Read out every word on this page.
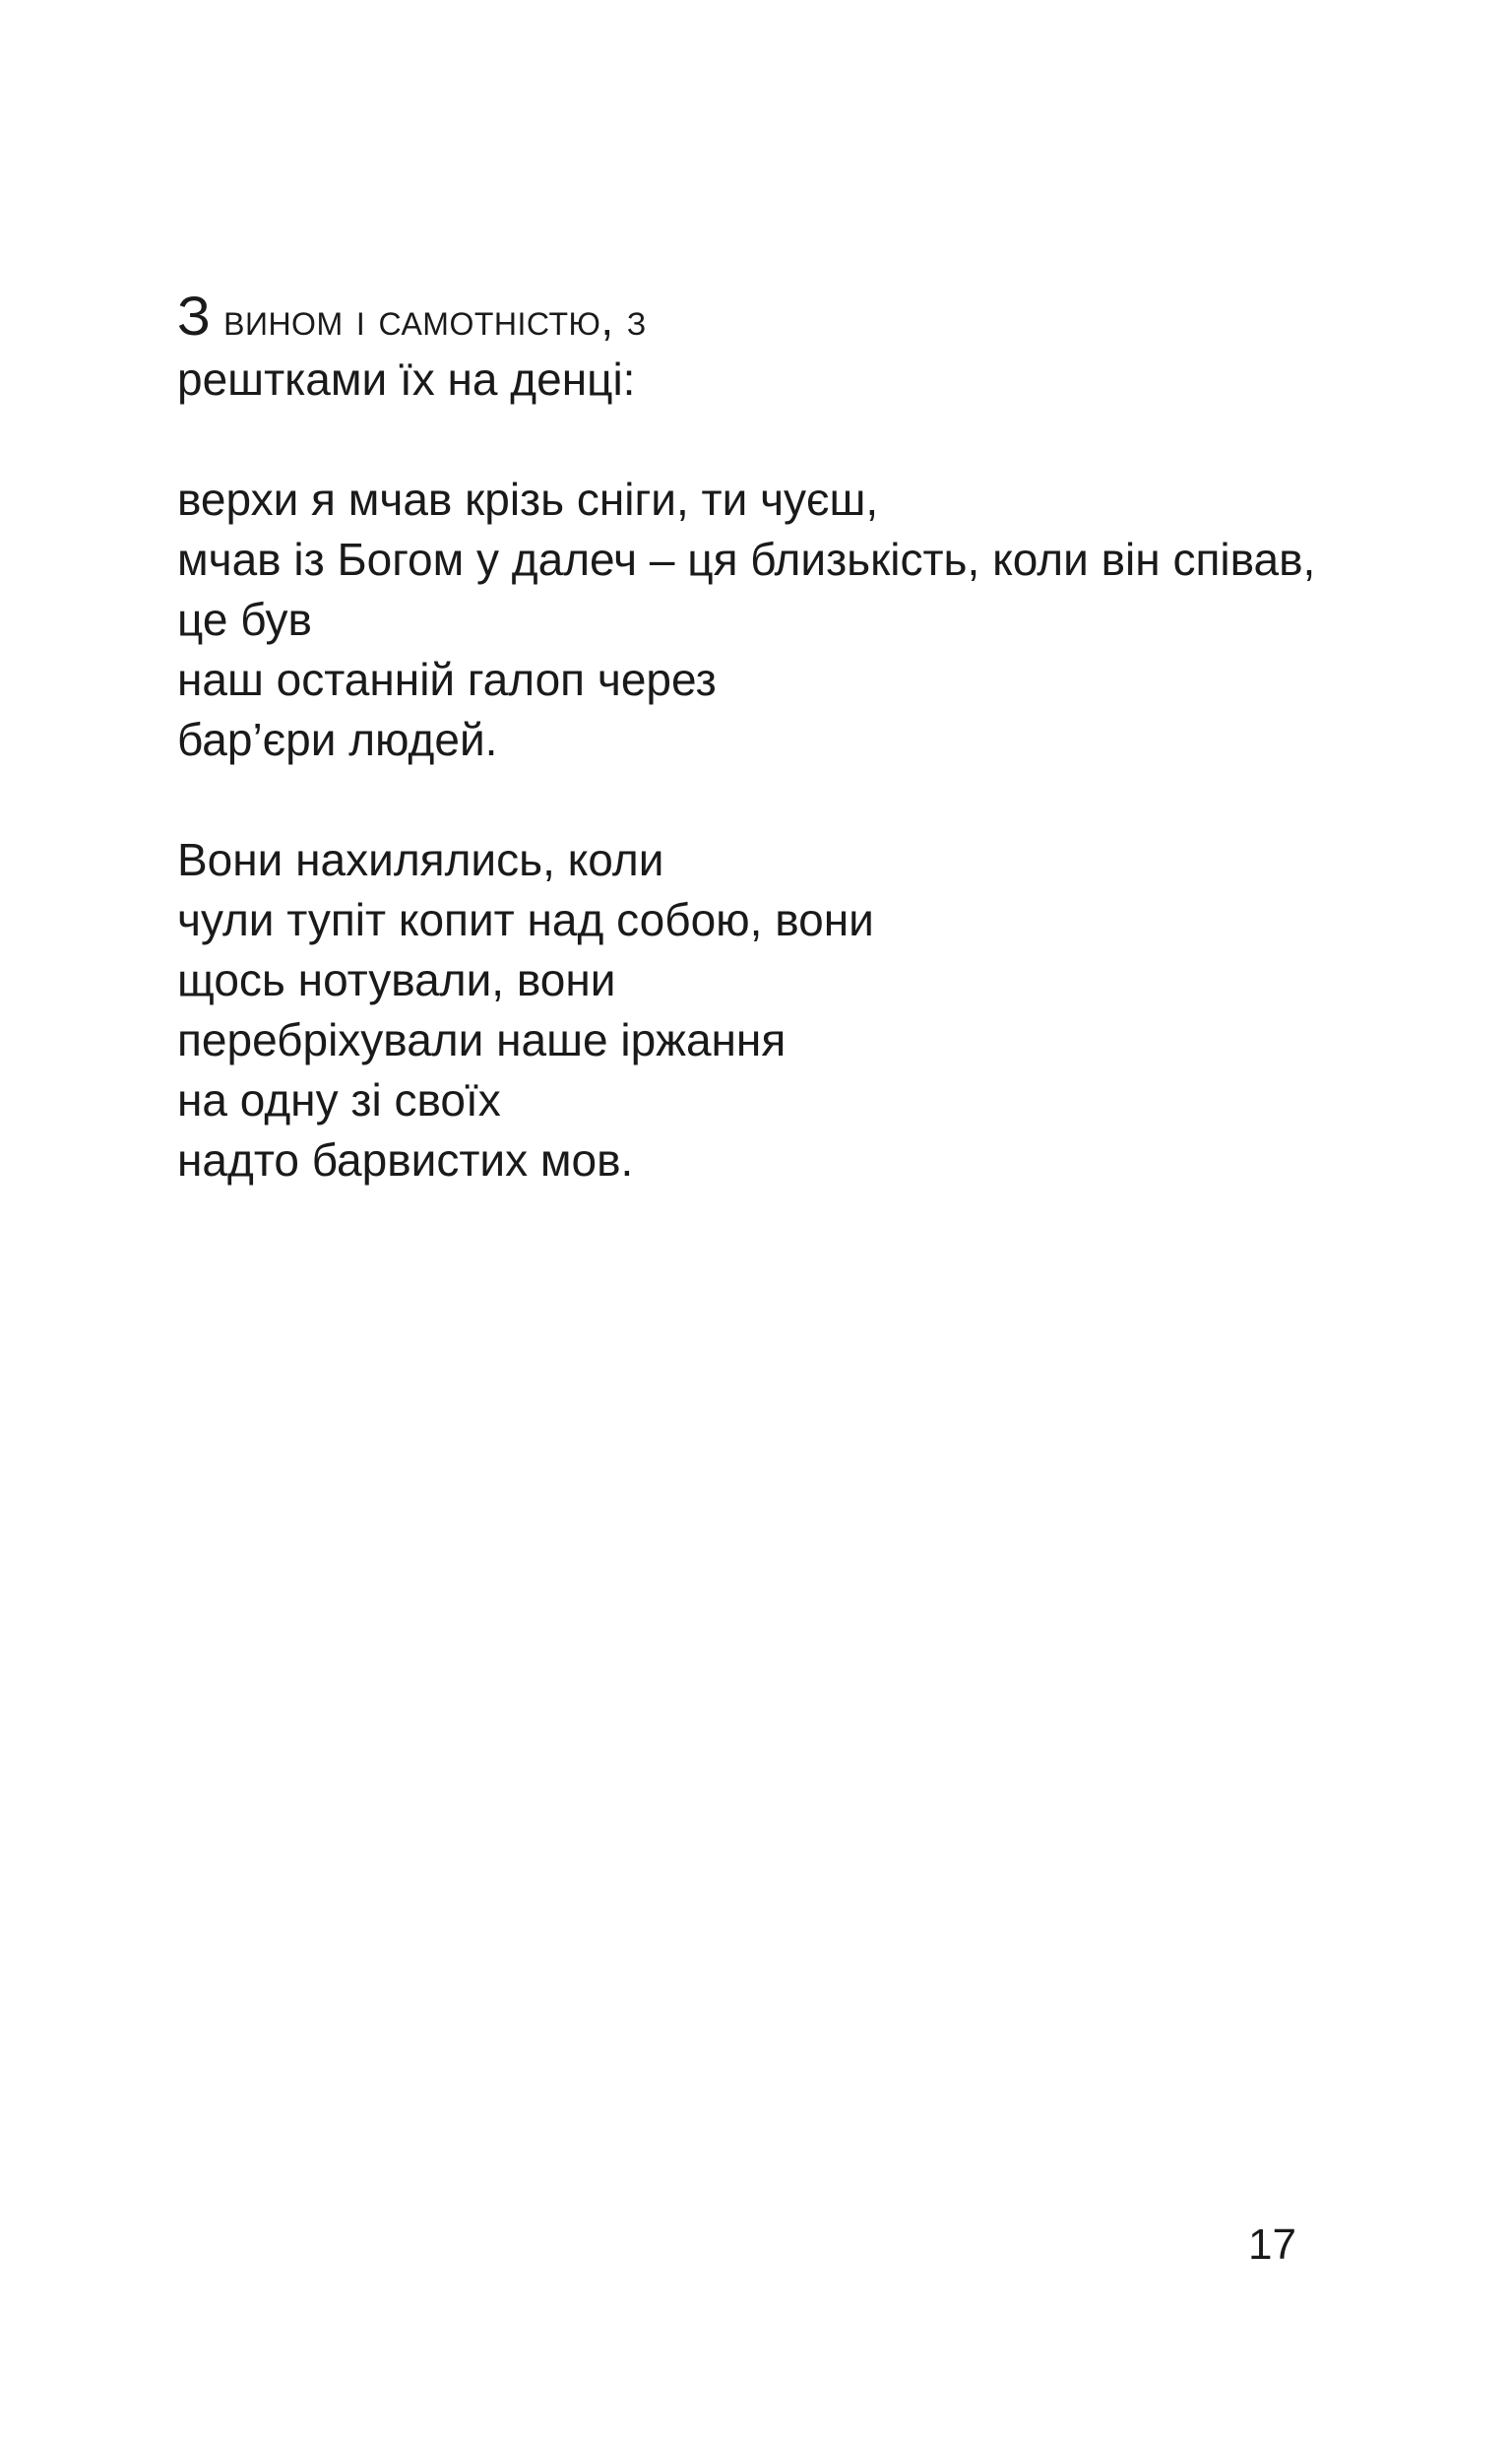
З вином і самотністю, з
рештками їх на денці:
верхи я мчав крізь сніги, ти чуєш,
мчав із Богом у далеч – ця близькість, коли він співав,
це був
наш останній галоп через
бар’єри людей.
Вони нахилялись, коли
чули тупіт копит над собою, вони
щось нотували, вони
перебріхували наше іржання
на одну зі своїх
надто барвистих мов.
17
